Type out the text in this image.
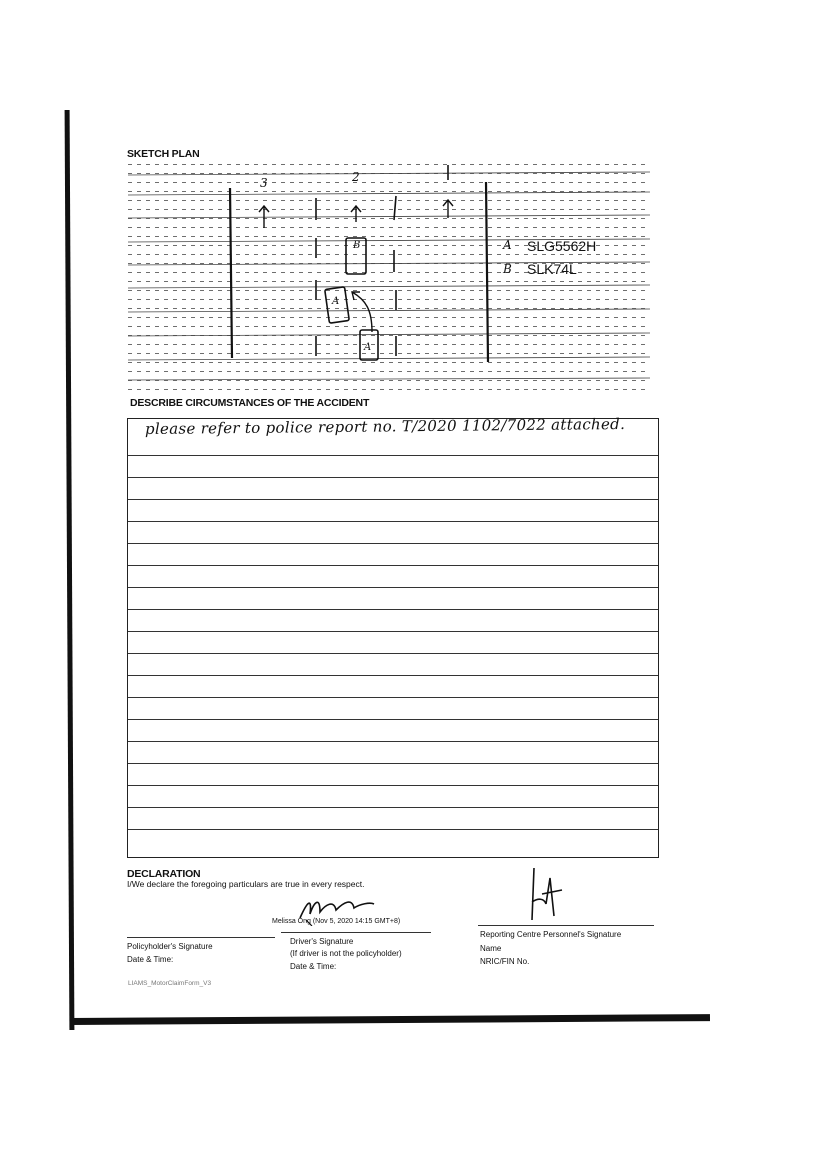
SKETCH PLAN
3	2
B
A
A
A SLG5562H
B SLK74L
DESCRIBE CIRCUMSTANCES OF THE ACCIDENT
please refer to police report no. T/2020 1102/7022 attached.
DECLARATION
I/We declare the foregoing particulars are true in every respect.
Melissa Ong (Nov 5, 2020 14:15 GMT+8)
Policyholder's Signature
Date & Time:
Driver's Signature
(If driver is not the policyholder)
Date & Time:
Reporting Centre Personnel's Signature
Name
NRIC/FIN No.
LIAMS_MotorClaimForm_V3
